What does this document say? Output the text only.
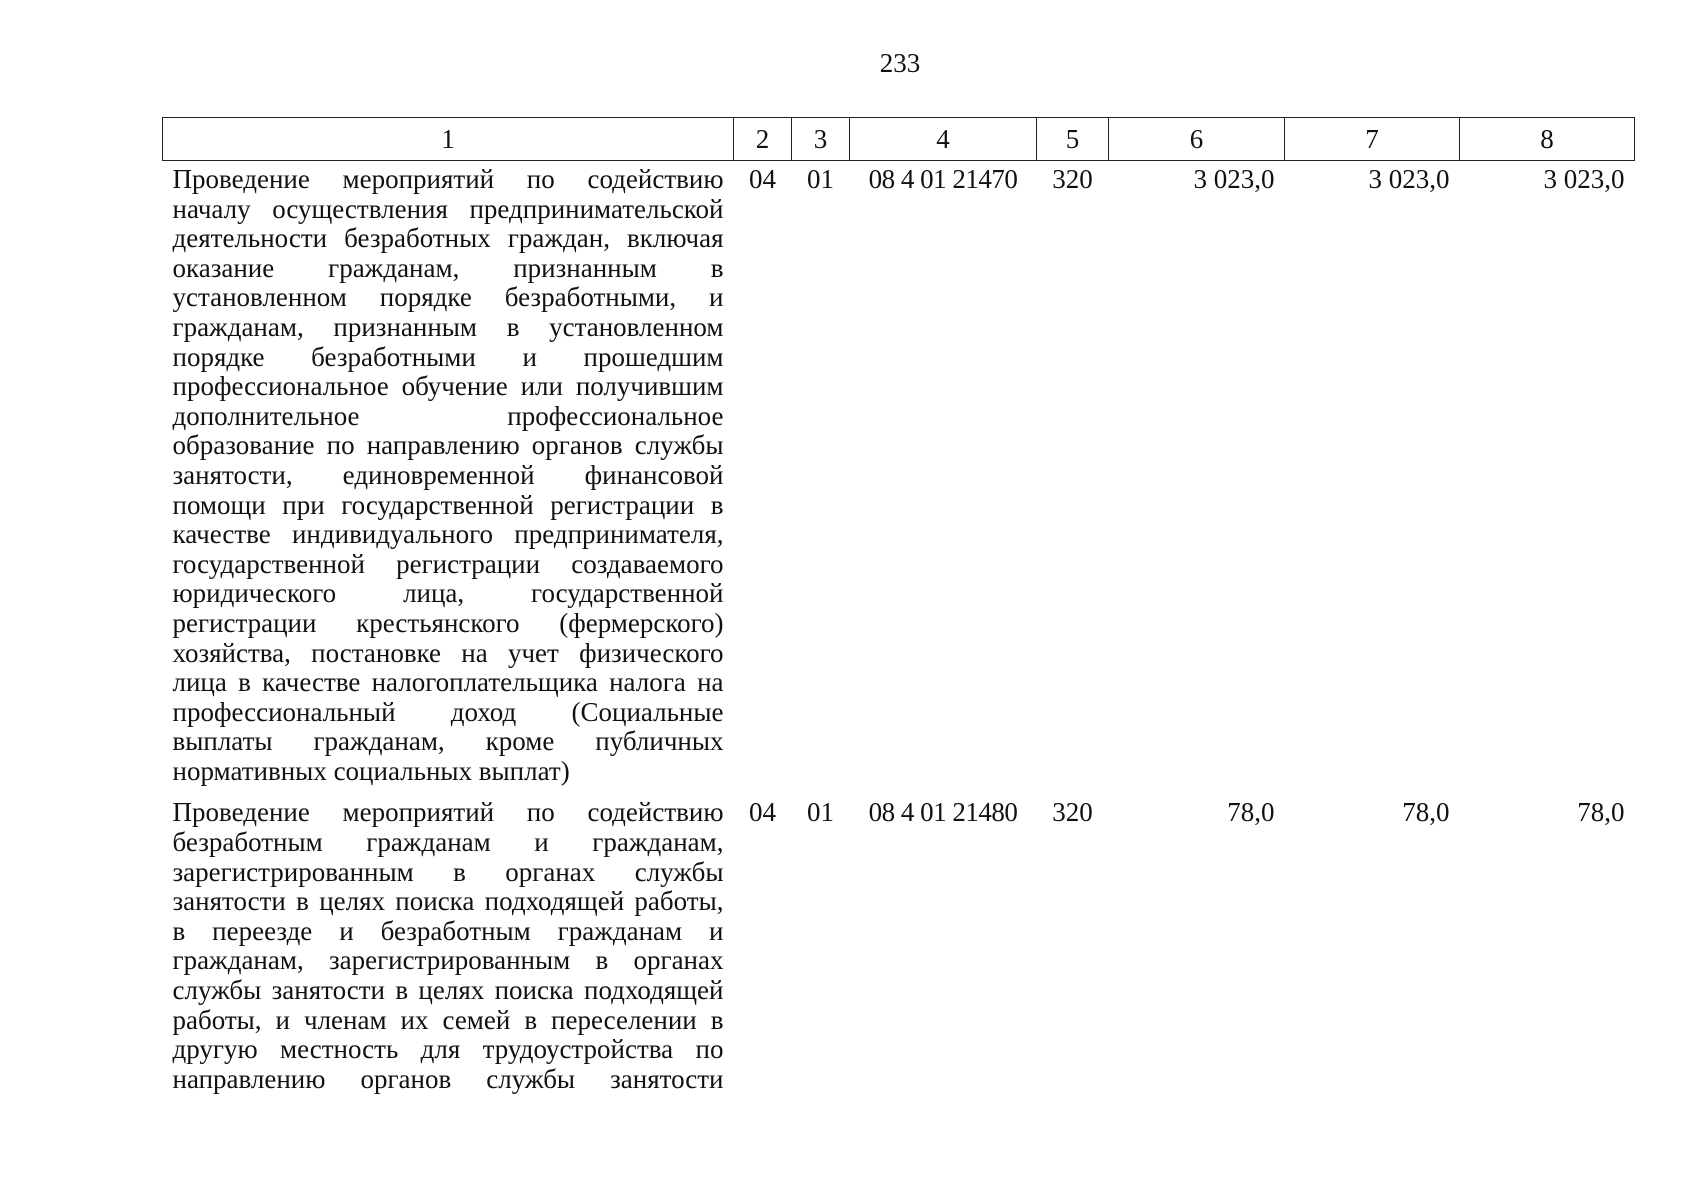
233
1	2	3	4	5	6	7	8
Проведение мероприятий по содействию началу осуществления предпринимательской деятельности безработных граждан, включая оказание гражданам, признанным в установленном порядке безработными, и гражданам, признанным в установленном порядке безработными и прошедшим профессиональное обучение или получившим дополнительное профессиональное образование по направлению органов службы занятости, единовременной финансовой помощи при государственной регистрации в качестве индивидуального предпринимателя, государственной регистрации создаваемого юридического лица, государственной регистрации крестьянского (фермерского) хозяйства, постановке на учет физического лица в качестве налогоплательщика налога на профессиональный доход (Социальные выплаты гражданам, кроме публичных нормативных социальных выплат)	04	01	08 4 01 21470	320	3 023,0	3 023,0	3 023,0
Проведение мероприятий по содействию безработным гражданам и гражданам, зарегистрированным в органах службы занятости в целях поиска подходящей работы, в переезде и безработным гражданам и гражданам, зарегистрированным в органах службы занятости в целях поиска подходящей работы, и членам их семей в переселении в другую местность для трудоустройства по направлению органов службы занятости	04	01	08 4 01 21480	320	78,0	78,0	78,0
